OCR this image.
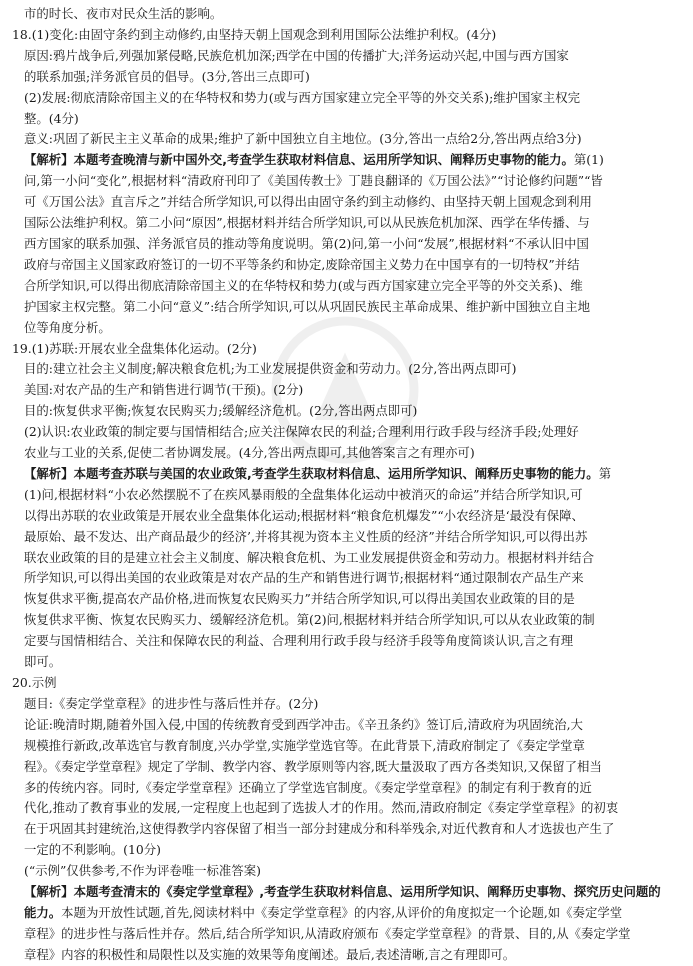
市的时长、夜市对民众生活的影响。
18.(1)变化:由固守条约到主动修约,由坚持天朝上国观念到利用国际公法维护利权。(4分)
原因:鸦片战争后,列强加紧侵略,民族危机加深;西学在中国的传播扩大;洋务运动兴起,中国与西方国家
的联系加强;洋务派官员的倡导。(3分,答出三点即可)
(2)发展:彻底清除帝国主义的在华特权和势力(或与西方国家建立完全平等的外交关系);维护国家主权完
整。(4分)
意义:巩固了新民主主义革命的成果;维护了新中国独立自主地位。(3分,答出一点给2分,答出两点给3分)
【解析】本题考查晚清与新中国外交,考查学生获取材料信息、运用所学知识、阐释历史事物的能力。第(1)
问,第一小问“变化”,根据材料“清政府刊印了《美国传教士》丁韪良翻译的《万国公法》”“讨论修约问题”“皆
可《万国公法》直言斥之”并结合所学知识,可以得出由固守条约到主动修约、由坚持天朝上国观念到利用
国际公法维护利权。第二小问“原因”,根据材料并结合所学知识,可以从民族危机加深、西学在华传播、与
西方国家的联系加强、洋务派官员的推动等角度说明。第(2)问,第一小问“发展”,根据材料“不承认旧中国
政府与帝国主义国家政府签订的一切不平等条约和协定,废除帝国主义势力在中国享有的一切特权”并结
合所学知识,可以得出彻底清除帝国主义的在华特权和势力(或与西方国家建立完全平等的外交关系)、维
护国家主权完整。第二小问“意义”:结合所学知识,可以从巩固民族民主革命成果、维护新中国独立自主地
位等角度分析。
19.(1)苏联:开展农业全盘集体化运动。(2分)
目的:建立社会主义制度;解决粮食危机;为工业发展提供资金和劳动力。(2分,答出两点即可)
美国:对农产品的生产和销售进行调节(干预)。(2分)
目的:恢复供求平衡;恢复农民购买力;缓解经济危机。(2分,答出两点即可)
(2)认识:农业政策的制定要与国情相结合;应关注保障农民的利益;合理利用行政手段与经济手段;处理好
农业与工业的关系,促使二者协调发展。(4分,答出两点即可,其他答案言之有理亦可)
【解析】本题考查苏联与美国的农业政策,考查学生获取材料信息、运用所学知识、阐释历史事物的能力。第
(1)问,根据材料“小农必然摆脱不了在疾风暴雨般的全盘集体化运动中被消灭的命运”并结合所学知识,可
以得出苏联的农业政策是开展农业全盘集体化运动;根据材料“粮食危机爆发”“小农经济是‘最没有保障、
最原始、最不发达、出产商品最少的经济’,并将其视为资本主义性质的经济”并结合所学知识,可以得出苏
联农业政策的目的是建立社会主义制度、解决粮食危机、为工业发展提供资金和劳动力。根据材料并结合
所学知识,可以得出美国的农业政策是对农产品的生产和销售进行调节;根据材料“通过限制农产品生产来
恢复供求平衡,提高农产品价格,进而恢复农民购买力”并结合所学知识,可以得出美国农业政策的目的是
恢复供求平衡、恢复农民购买力、缓解经济危机。第(2)问,根据材料并结合所学知识,可以从农业政策的制
定要与国情相结合、关注和保障农民的利益、合理利用行政手段与经济手段等角度简谈认识,言之有理
即可。
20.示例
题目:《奏定学堂章程》的进步性与落后性并存。(2分)
论证:晚清时期,随着外国入侵,中国的传统教育受到西学冲击。《辛丑条约》签订后,清政府为巩固统治,大
规模推行新政,改革选官与教育制度,兴办学堂,实施学堂选官等。在此背景下,清政府制定了《奏定学堂章
程》。《奏定学堂章程》规定了学制、教学内容、教学原则等内容,既大量汲取了西方各类知识,又保留了相当
多的传统内容。同时,《奏定学堂章程》还确立了学堂选官制度。《奏定学堂章程》的制定有利于教育的近
代化,推动了教育事业的发展,一定程度上也起到了选拔人才的作用。然而,清政府制定《奏定学堂章程》的初衷
在于巩固其封建统治,这使得教学内容保留了相当一部分封建成分和科举残余,对近代教育和人才选拔也产生了
一定的不利影响。(10分)
(“示例”仅供参考,不作为评卷唯一标准答案)
【解析】本题考查清末的《奏定学堂章程》,考查学生获取材料信息、运用所学知识、阐释历史事物、探究历史问题的
能力。本题为开放性试题,首先,阅读材料中《奏定学堂章程》的内容,从评价的角度拟定一个论题,如《奏定学堂
章程》的进步性与落后性并存。然后,结合所学知识,从清政府颁布《奏定学堂章程》的背景、目的,从《奏定学堂
章程》内容的积极性和局限性以及实施的效果等角度阐述。最后,表述清晰,言之有理即可。
